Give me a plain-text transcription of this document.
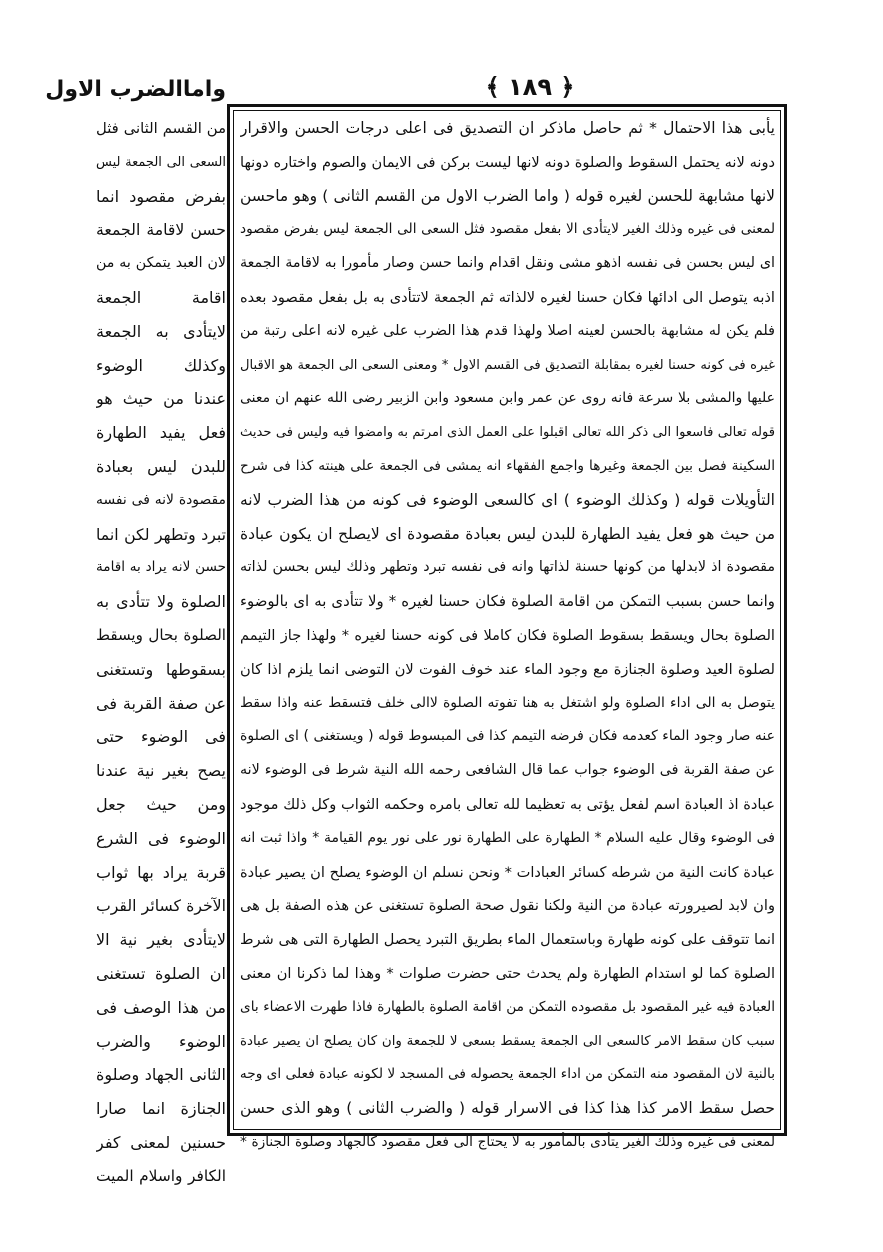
واماالضرب الاول	﴾ ١٨٩ ﴿
يأبى هذا الاحتمال * ثم حاصل ماذكر ان التصديق فى اعلى درجات الحسن والاقرار
دونه لانه يحتمل السقوط والصلوة دونه لانها ليست بركن فى الايمان والصوم واختاره دونها
لانها مشابهة للحسن لغيره قوله ( واما الضرب الاول من القسم الثانى ) وهو ماحسن
لمعنى فى غيره وذلك الغير لايتأدى الا بفعل مقصود فثل السعى الى الجمعة ليس بفرض مقصود
اى ليس بحسن فى نفسه اذهو مشى ونقل اقدام وانما حسن وصار مأمورا به لاقامة الجمعة
اذبه يتوصل الى ادائها فكان حسنا لغيره لالذاته ثم الجمعة لاتتأدى به بل بفعل مقصود بعده
فلم يكن له مشابهة بالحسن لعينه اصلا ولهذا قدم هذا الضرب على غيره لانه اعلى رتبة من
غيره فى كونه حسنا لغيره بمقابلة التصديق فى القسم الاول * ومعنى السعى الى الجمعة هو الاقبال
عليها والمشى بلا سرعة فانه روى عن عمر وابن مسعود وابن الزبير رضى الله عنهم ان معنى
قوله تعالى فاسعوا الى ذكر الله تعالى اقبلوا على العمل الذى امرتم به وامضوا فيه وليس فى حديث
السكينة فصل بين الجمعة وغيرها واجمع الفقهاء انه يمشى فى الجمعة على هينته كذا فى شرح
التأويلات قوله ( وكذلك الوضوء ) اى كالسعى الوضوء فى كونه من هذا الضرب لانه
من حيث هو فعل يفيد الطهارة للبدن ليس بعبادة مقصودة اى لايصلح ان يكون عبادة
مقصودة اذ لابدلها من كونها حسنة لذاتها وانه فى نفسه تبرد وتطهر وذلك ليس بحسن لذاته
وانما حسن بسبب التمكن من اقامة الصلوة فكان حسنا لغيره * ولا تتأدى به اى بالوضوء
الصلوة بحال ويسقط بسقوط الصلوة فكان كاملا فى كونه حسنا لغيره * ولهذا جاز التيمم
لصلوة العيد وصلوة الجنازة مع وجود الماء عند خوف الفوت لان التوضى انما يلزم اذا كان
يتوصل به الى اداء الصلوة ولو اشتغل به هنا تفوته الصلوة لاالى خلف فتسقط عنه واذا سقط
عنه صار وجود الماء كعدمه فكان فرضه التيمم كذا فى المبسوط قوله ( ويستغنى ) اى الصلوة
عن صفة القربة فى الوضوء جواب عما قال الشافعى رحمه الله النية شرط فى الوضوء لانه
عبادة اذ العبادة اسم لفعل يؤتى به تعظيما لله تعالى بامره وحكمه الثواب وكل ذلك موجود
فى الوضوء وقال عليه السلام * الطهارة على الطهارة نور على نور يوم القيامة * واذا ثبت انه
عبادة كانت النية من شرطه كسائر العبادات * ونحن نسلم ان الوضوء يصلح ان يصير عبادة
وان لابد لصيرورته عبادة من النية ولكنا نقول صحة الصلوة تستغنى عن هذه الصفة بل هى
انما تتوقف على كونه طهارة وباستعمال الماء بطريق التبرد يحصل الطهارة التى هى شرط
الصلوة كما لو استدام الطهارة ولم يحدث حتى حضرت صلوات * وهذا لما ذكرنا ان معنى
العبادة فيه غير المقصود بل مقصوده التمكن من اقامة الصلوة بالطهارة فاذا طهرت الاعضاء باى
سبب كان سقط الامر كالسعى الى الجمعة يسقط بسعى لا للجمعة وان كان يصلح ان يصير عبادة
بالنية لان المقصود منه التمكن من اداء الجمعة يحصوله فى المسجد لا لكونه عبادة فعلى اى وجه
حصل سقط الامر كذا هذا كذا فى الاسرار قوله ( والضرب الثانى ) وهو الذى حسن
لمعنى فى غيره وذلك الغير يتأدى بالمأمور به لا يحتاج الى فعل مقصود كالجهاد وصلوة الجنازة *
من القسم الثانى فثل
السعى الى الجمعة ليس
بفرض مقصود انما
حسن لاقامة الجمعة
لان العبد يتمكن به من
اقامة الجمعة
لايتأدى به الجمعة
وكذلك الوضوء
عندنا من حيث هو
فعل يفيد الطهارة
للبدن ليس بعبادة
مقصودة لانه فى نفسه
تبرد وتطهر لكن انما
حسن لانه يراد به اقامة
الصلوة ولا تتأدى به
الصلوة بحال ويسقط
بسقوطها وتستغنى
عن صفة القربة فى
فى الوضوء حتى
يصح بغير نية عندنا
ومن حيث جعل
الوضوء فى الشرع
قربة يراد بها ثواب
الآخرة كسائر القرب
لايتأدى بغير نية الا
ان الصلوة تستغنى
من هذا الوصف فى
الوضوء والضرب
الثانى الجهاد وصلوة
الجنازة انما صارا
حسنين لمعنى كفر
الكافر واسلام الميت
